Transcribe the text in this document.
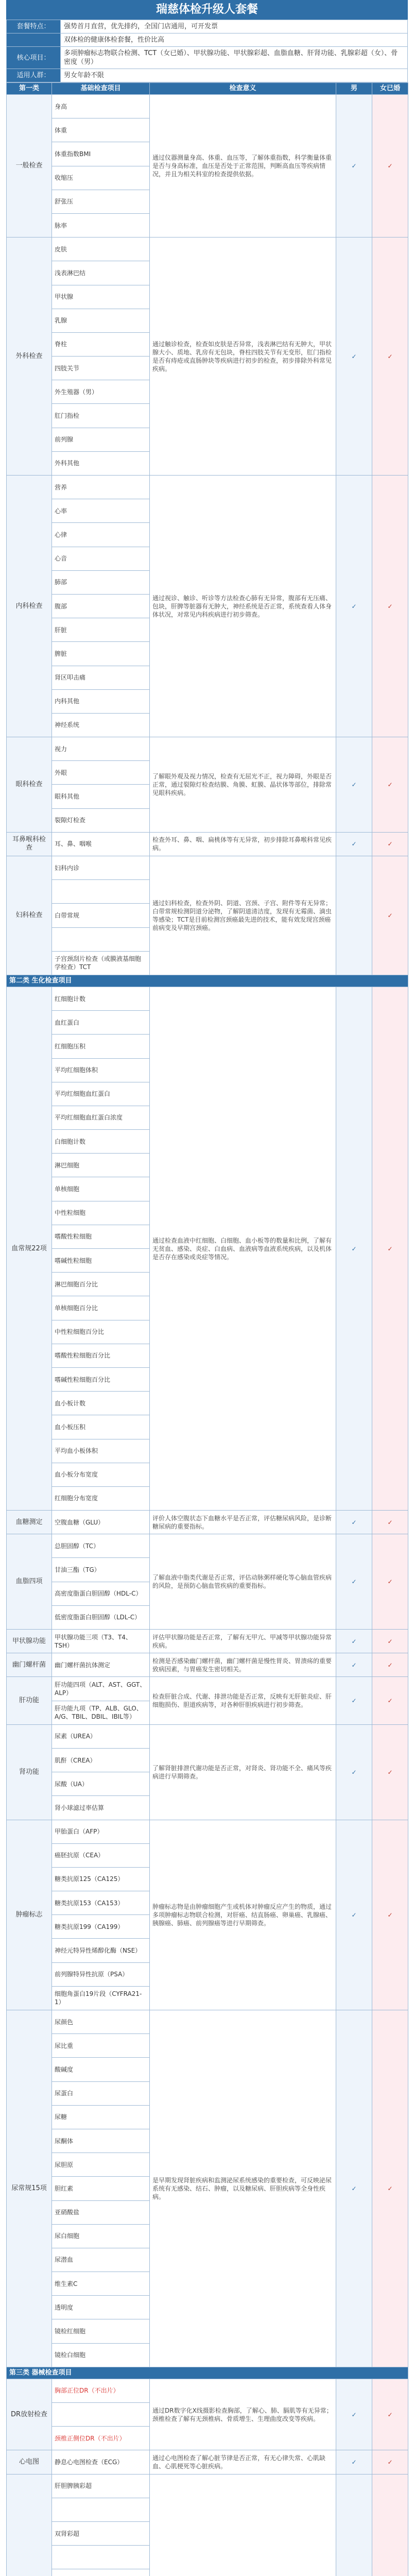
瑞慈体检升级人套餐
套餐特点：	强势首月直营，优先排约，全国门店通用，可开发票
	双体检的健康体检套餐，性价比高
核心项目：	多项肿瘤标志物联合检测、TCT（女已婚）、甲状腺功能、甲状腺彩超、血脂血糖、肝肾功能、乳腺彩超（女）、骨密度（男）
适用人群：	男女年龄不限
第一类	基础检查项目	检查意义	男	女已婚
一般检查	身高	通过仪器测量身高、体重、血压等，了解体重指数，科学衡量体重是否与身高标准，血压是否处于正常范围，判断高血压等疾病情况，并且为相关科室的检查提供依据。	✓	✓
	体重			
	体重指数BMI			
	收缩压			
	舒张压			
	脉率			
外科检查	皮肤	通过触诊检查，检查如皮肤是否异常，浅表淋巴结有无肿大，甲状腺大小、质地、乳房有无包块，脊柱四肢关节有无变形，肛门指检是否有痔疮或直肠肿块等疾病进行初步的检查，初步排除外科常见疾病。	✓	✓
	浅表淋巴结			
	甲状腺			
	乳腺			
	脊柱			
	四肢关节			
	外生殖器（男）			
	肛门指检			
	前列腺			
	外科其他			
内科检查	营养	通过视诊、触诊、听诊等方法检查心肺有无异常，腹部有无压痛、包块，肝脾等脏器有无肿大，神经系统是否正常，系统查看人体身体状况，对常见内科疾病进行初步筛查。	✓	✓
	心率			
	心律			
	心音			
	肺部			
	腹部			
	肝脏			
	脾脏			
	肾区叩击痛			
	内科其他			
	神经系统			
眼科检查	视力	了解眼外观及视力情况，检查有无屈光不正，视力障碍，外眼是否正常，通过裂隙灯检查结膜、角膜、虹膜、晶状体等部位，排除常见眼科疾病。	✓	✓
	外眼			
	眼科其他			
	裂隙灯检查			
耳鼻喉科检查	耳、鼻、咽喉	检查外耳、鼻、咽、扁桃体等有无异常，初步排除耳鼻喉科常见疾病。	✓	✓
妇科检查	妇科内诊	通过妇科检查，检查外阴、阴道、宫颈、子宫、附件等有无异常；白带常规检测阴道分泌物，了解阴道清洁度，发现有无霉菌、滴虫等感染；TCT是目前检测宫颈癌最先进的技术，能有效发现宫颈癌前病变及早期宫颈癌。		✓

	白带常规			

	子宫颈刮片检查（或膜液基细胞学检查）TCT			
第二类 生化检查项目				
血常规22项	红细胞计数	通过检查血液中红细胞、白细胞、血小板等的数量和比例，了解有无贫血、感染、炎症、白血病、血液病等血液系统疾病，以及机体是否存在感染或炎症等情况。	✓	✓
	血红蛋白			
	红细胞压积			
	平均红细胞体积			
	平均红细胞血红蛋白			
	平均红细胞血红蛋白浓度			
	白细胞计数			
	淋巴细胞			
	单核细胞			
	中性粒细胞			
	嗜酸性粒细胞			
	嗜碱性粒细胞			
	淋巴细胞百分比			
	单核细胞百分比			
	中性粒细胞百分比			
	嗜酸性粒细胞百分比			
	嗜碱性粒细胞百分比			
	血小板计数			
	血小板压积			
	平均血小板体积			
	血小板分布宽度			
	红细胞分布宽度			
血糖测定	空腹血糖（GLU）	评价人体空腹状态下血糖水平是否正常，评估糖尿病风险，是诊断糖尿病的重要指标。	✓	✓
血脂四项	总胆固醇（TC）	了解血液中脂类代谢是否正常，评估动脉粥样硬化等心脑血管疾病的风险，是预防心脑血管疾病的重要指标。	✓	✓
	甘油三酯（TG）			
	高密度脂蛋白胆固醇（HDL-C）			
	低密度脂蛋白胆固醇（LDL-C）			
甲状腺功能	甲状腺功能三项（T3、T4、TSH）	评估甲状腺功能是否正常，了解有无甲亢、甲减等甲状腺功能异常疾病。	✓	✓
幽门螺杆菌	幽门螺杆菌抗体测定	检测是否感染幽门螺杆菌，幽门螺杆菌是慢性胃炎、胃溃疡的重要致病因素，与胃癌发生密切相关。	✓	✓
肝功能	肝功能四项（ALT、AST、GGT、ALP）	检查肝脏合成、代谢、排泄功能是否正常，反映有无肝脏炎症、肝细胞损伤、胆道疾病等，对各种肝胆疾病进行初步筛查。	✓	✓
	肝功能九项（TP、ALB、GLO、A/G、TBIL、DBIL、IBIL等）			
肾功能	尿素（UREA）	了解肾脏排泄代谢功能是否正常，对肾炎、肾功能不全、痛风等疾病进行早期筛查。	✓	✓
	肌酐（CREA）			
	尿酸（UA）			
	肾小球滤过率估算			
肿瘤标志	甲胎蛋白（AFP）	肿瘤标志物是由肿瘤细胞产生或机体对肿瘤反应产生的物质，通过多项肿瘤标志物联合检测，对肝癌、结直肠癌、卵巢癌、乳腺癌、胰腺癌、肺癌、前列腺癌等进行早期筛查。	✓	✓
	癌胚抗原（CEA）			
	糖类抗原125（CA125）			
	糖类抗原153（CA153）			
	糖类抗原199（CA199）			
	神经元特异性烯醇化酶（NSE）			
	前列腺特异性抗原（PSA）			
	细胞角蛋白19片段（CYFRA21-1）			
尿常规15项	尿颜色	是早期发现肾脏疾病和监测泌尿系统感染的重要检查，可反映泌尿系统有无感染、结石、肿瘤，以及糖尿病、肝胆疾病等全身性疾病。	✓	✓
	尿比重			
	酸碱度			
	尿蛋白			
	尿糖			
	尿酮体			
	尿胆原			
	胆红素			
	亚硝酸盐			
	尿白细胞			
	尿潜血			
	维生素C			
	透明度			
	镜检红细胞			
	镜检白细胞			
第三类 器械检查项目				
DR放射检查	胸部正位DR（不出片）	通过DR数字化X线摄影检查胸部，了解心、肺、膈肌等有无异常；颈椎检查了解有无颈椎病、骨质增生、生理曲度改变等疾病。	✓	✓

	颈椎正侧位DR（不出片）			
心电图	静息心电图检查（ECG）	通过心电图检查了解心脏节律是否正常，有无心律失常、心肌缺血、心肌梗死等心脏疾病。	✓	✓
	肝胆脾胰彩超			

	双肾彩超			
